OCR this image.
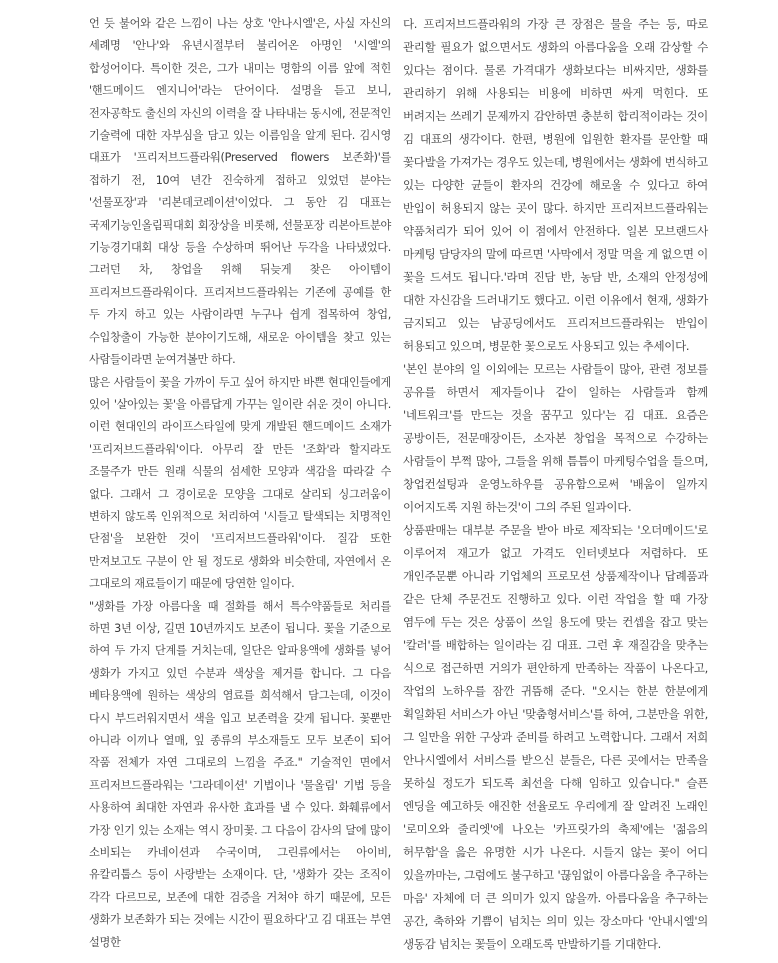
언 듯 불어와 같은 느낌이 나는 상호 '안나시엘'은, 사실 자신의 세례명 '안나'와 유년시절부터 불리어온 아명인 '시엘'의 합성어이다. 특이한 것은, 그가 내미는 명함의 이름 앞에 적힌 '핸드메이드 엔지니어'라는 단어이다. 설명을 듣고 보니, 전자공학도 출신의 자신의 이력을 잘 나타내는 동시에, 전문적인 기술력에 대한 자부심을 담고 있는 이름임을 알게 된다. 김시영 대표가 '프리저브드플라워(Preserved flowers 보존화)'를 접하기 전, 10여 년간 진숙하게 접하고 있었던 분야는 '선물포장'과 '리본데코레이션'이었다. 그 동안 김 대표는 국제기능인올림픽대회 회장상을 비롯해, 선물포장 리본아트분야 기능경기대회 대상 등을 수상하며 뛰어난 두각을 나타냈었다. 그러던 차, 창업을 위해 뒤늦게 찾은 아이템이 프리저브드플라워이다. 프리저브드플라워는 기존에 공예를 한 두 가지 하고 있는 사람이라면 누구나 쉽게 접목하여 창업, 수입창출이 가능한 분야이기도해, 새로운 아이템을 찾고 있는 사람들이라면 눈여겨볼만 하다.

많은 사람들이 꽃을 가까이 두고 싶어 하지만 바쁜 현대인들에게 있어 '살아있는 꽃'을 아름답게 가꾸는 일이란 쉬운 것이 아니다. 이런 현대인의 라이프스타일에 맞게 개발된 핸드메이드 소재가 '프리저브드플라워'이다. 아무리 잘 만든 '조화'라 할지라도 조물주가 만든 원래 식물의 섬세한 모양과 색감을 따라갈 수 없다. 그래서 그 경이로운 모양을 그대로 살리되 싱그러움이 변하지 않도록 인위적으로 처리하여 '시들고 탈색되는 치명적인 단점'을 보완한 것이 '프리저브드플라워'이다. 질감 또한 만져보고도 구분이 안 될 정도로 생화와 비슷한데, 자연에서 온 그대로의 재료들이기 때문에 당연한 일이다.

"생화를 가장 아름다울 때 절화를 해서 특수약품들로 처리를 하면 3년 이상, 길면 10년까지도 보존이 됩니다. 꽃을 기준으로 하여 두 가지 단계를 거치는데, 일단은 알파용액에 생화를 넣어 생화가 가지고 있던 수분과 색상을 제거를 합니다. 그 다음 베타용액에 원하는 색상의 염료를 희석해서 담그는데, 이것이 다시 부드러워지면서 색을 입고 보존력을 갖게 됩니다. 꽃뿐만 아니라 이끼나 열매, 잎 종류의 부소재들도 모두 보존이 되어 작품 전체가 자연 그대로의 느낌을 주죠." 기술적인 면에서 프리저브드플라워는 '그라데이션' 기법이나 '물올림' 기법 등을 사용하여 최대한 자연과 유사한 효과를 낼 수 있다. 화훼류에서 가장 인기 있는 소재는 역시 장미꽃. 그 다음이 감사의 달에 많이 소비되는 카네이션과 수국이며, 그린류에서는 아이비, 유칼리툽스 등이 사랑받는 소재이다. 단, '생화가 갖는 조직이 각각 다르므로, 보존에 대한 검증을 거쳐야 하기 때문에, 모든 생화가 보존화가 되는 것에는 시간이 필요하다'고 김 대표는 부연 설명한

다. 프리저브드플라워의 가장 큰 장점은 물을 주는 등, 따로 관리할 필요가 없으면서도 생화의 아름다움을 오래 감상할 수 있다는 점이다. 물론 가격대가 생화보다는 비싸지만, 생화를 관리하기 위해 사용되는 비용에 비하면 싸게 먹힌다. 또 버려지는 쓰레기 문제까지 감안하면 충분히 합리적이라는 것이 김 대표의 생각이다. 한편, 병원에 입원한 환자를 문안할 때 꽃다발을 가져가는 경우도 있는데, 병원에서는 생화에 번식하고 있는 다양한 균들이 환자의 건강에 해로울 수 있다고 하여 반입이 허용되지 않는 곳이 많다. 하지만 프리저브드플라워는 약품처리가 되어 있어 이 점에서 안전하다. 일본 모브랜드사 마케팅 담당자의 말에 따르면 '사막에서 정말 먹을 게 없으면 이 꽃을 드셔도 됩니다.'라며 진담 반, 농담 반, 소재의 안정성에 대한 자신감을 드러내기도 했다고. 이런 이유에서 현재, 생화가 금지되고 있는 남공딩에서도 프리저브드플라워는 반입이 허용되고 있으며, 병문한 꽃으로도 사용되고 있는 추세이다.

'본인 분야의 일 이외에는 모르는 사람들이 많아, 관련 정보를 공유를 하면서 제자들이나 같이 일하는 사람들과 함께 '네트워크'를 만드는 것을 꿈꾸고 있다'는 김 대표. 요즘은 공방이든, 전문매장이든, 소자본 창업을 목적으로 수강하는 사람들이 부쩍 많아, 그들을 위해 틈틈이 마케팅수업을 들으며, 창업컨설팅과 운영노하우를 공유함으로써 '배움이 일까지 이어지도록 지원 하는것'이 그의 주된 일과이다.

상품판매는 대부분 주문을 받아 바로 제작되는 '오더메이드'로 이루어져 재고가 없고 가격도 인터넷보다 저렴하다. 또 개인주문뿐 아니라 기업체의 프로모션 상품제작이나 답례품과 같은 단체 주문건도 진행하고 있다. 이런 작업을 할 때 가장 염두에 두는 것은 상품이 쓰일 용도에 맞는 컨셉을 잡고 맞는 '칼러'를 배합하는 일이라는 김 대표. 그런 후 재질감을 맞추는 식으로 접근하면 거의가 편안하게 만족하는 작품이 나온다고, 작업의 노하우를 잠깐 귀뜸해 준다. "오시는 한분 한분에게 획일화된 서비스가 아닌 '맞춤형서비스'를 하여, 그분만을 위한, 그 일만을 위한 구상과 준비를 하려고 노력합니다. 그래서 저희 안나시엘에서 서비스를 받으신 분들은, 다른 곳에서는 만족을 못하실 정도가 되도록 최선을 다해 임하고 있습니다." 슬픈 엔딩을 예고하듯 애진한 선율로도 우리에게 잘 알려진 노래인 '로미오와 줄리엣'에 나오는 '카프릿가의 축제'에는 '젊음의 허무함'을 읊은 유명한 시가 나온다. 시들지 않는 꽃이 어디 있을까마는, 그럼에도 불구하고 '끊임없이 아름다움을 추구하는 마음' 자체에 더 큰 의미가 있지 않을까. 아름다움을 추구하는 공간, 축하와 기쁨이 넘치는 의미 있는 장소마다 '안내시엘'의 생동감 넘치는 꽃들이 오래도록 만발하기를 기대한다.
